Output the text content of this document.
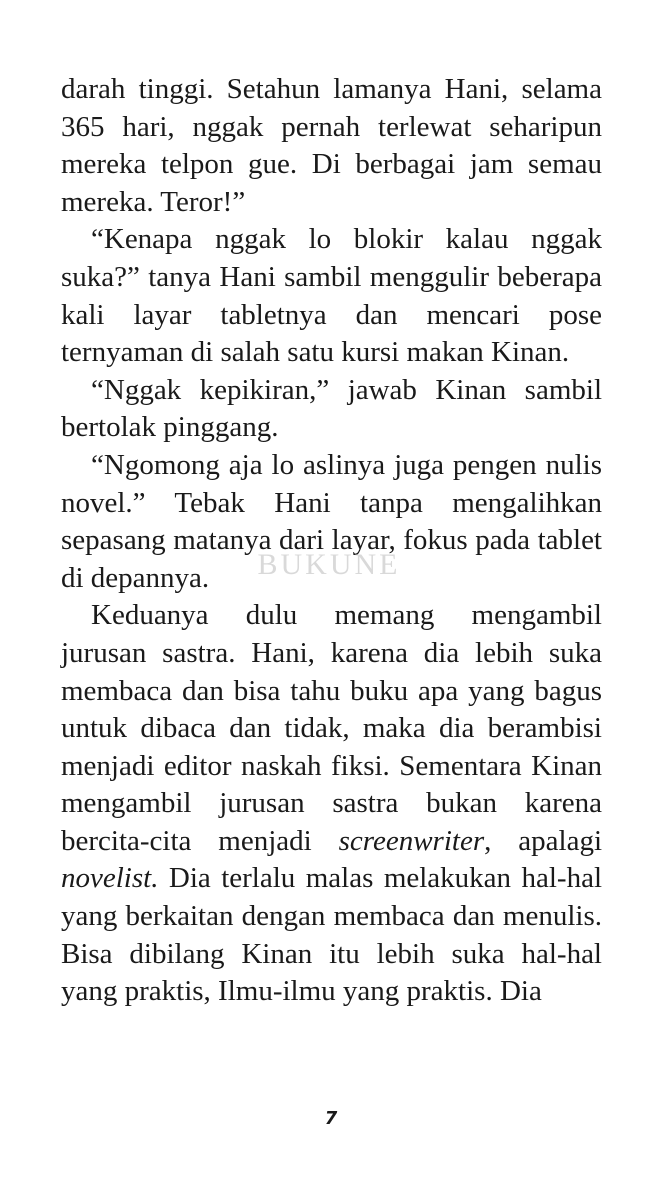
darah tinggi. Setahun lamanya Hani, selama 365 hari, nggak pernah terlewat seharipun mereka telpon gue. Di berbagai jam semau mereka. Teror!”

“Kenapa nggak lo blokir kalau nggak suka?” tanya Hani sambil menggulir beberapa kali layar tabletnya dan mencari pose ternyaman di salah satu kursi makan Kinan.

“Nggak kepikiran,” jawab Kinan sambil bertolak pinggang.

“Ngomong aja lo aslinya juga pengen nulis novel.” Tebak Hani tanpa mengalihkan sepasang matanya dari layar, fokus pada tablet di depannya.

Keduanya dulu memang mengambil jurusan sastra. Hani, karena dia lebih suka membaca dan bisa tahu buku apa yang bagus untuk dibaca dan tidak, maka dia berambisi menjadi editor naskah fiksi. Sementara Kinan mengambil jurusan sastra bukan karena bercita-cita menjadi screenwriter, apalagi novelist. Dia terlalu malas melakukan hal-hal yang berkaitan dengan membaca dan menulis. Bisa dibilang Kinan itu lebih suka hal-hal yang praktis, Ilmu-ilmu yang praktis. Dia

BUKUNE
7
